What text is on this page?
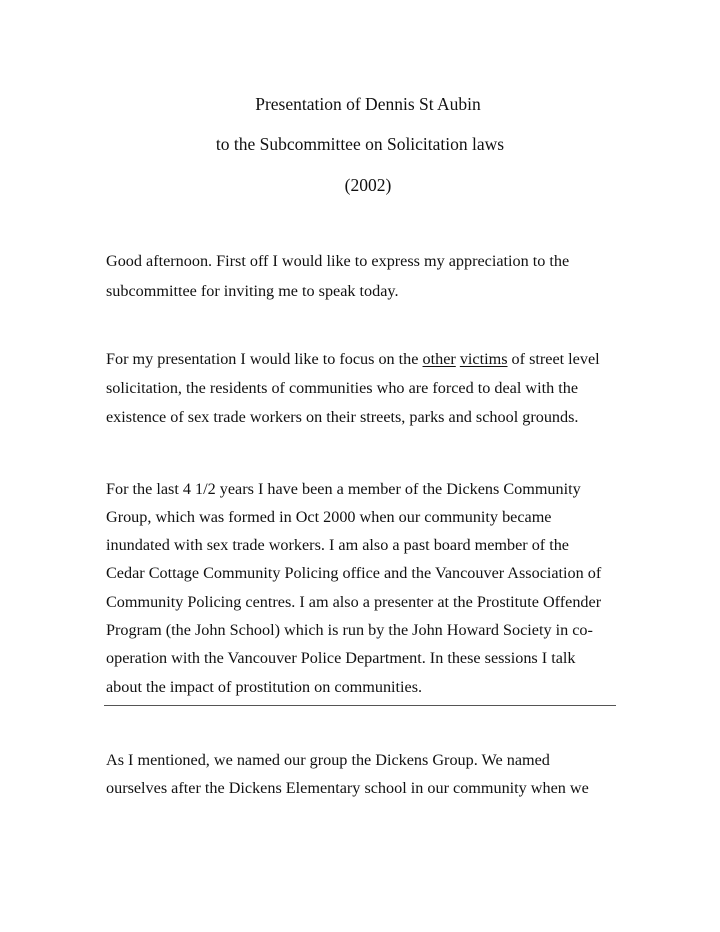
Presentation of Dennis St Aubin
to the Subcommittee on Solicitation laws
(2002)
Good afternoon. First off I would like to express my appreciation to the
subcommittee for inviting me to speak today.
For my presentation I would like to focus on the other victims of street level
solicitation, the residents of communities who are forced to deal with the
existence of sex trade workers on their streets, parks and school grounds.
For the last 4 1/2 years I have been a member of the Dickens Community
Group, which was formed in Oct 2000 when our community became
inundated with sex trade workers. I am also a past board member of the
Cedar Cottage Community Policing office and the Vancouver Association of
Community Policing centres. I am also a presenter at the Prostitute Offender
Program (the John School) which is run by the John Howard Society in co-
operation with the Vancouver Police Department. In these sessions I talk
about the impact of prostitution on communities.
As I mentioned, we named our group the Dickens Group. We named
ourselves after the Dickens Elementary school in our community when we
